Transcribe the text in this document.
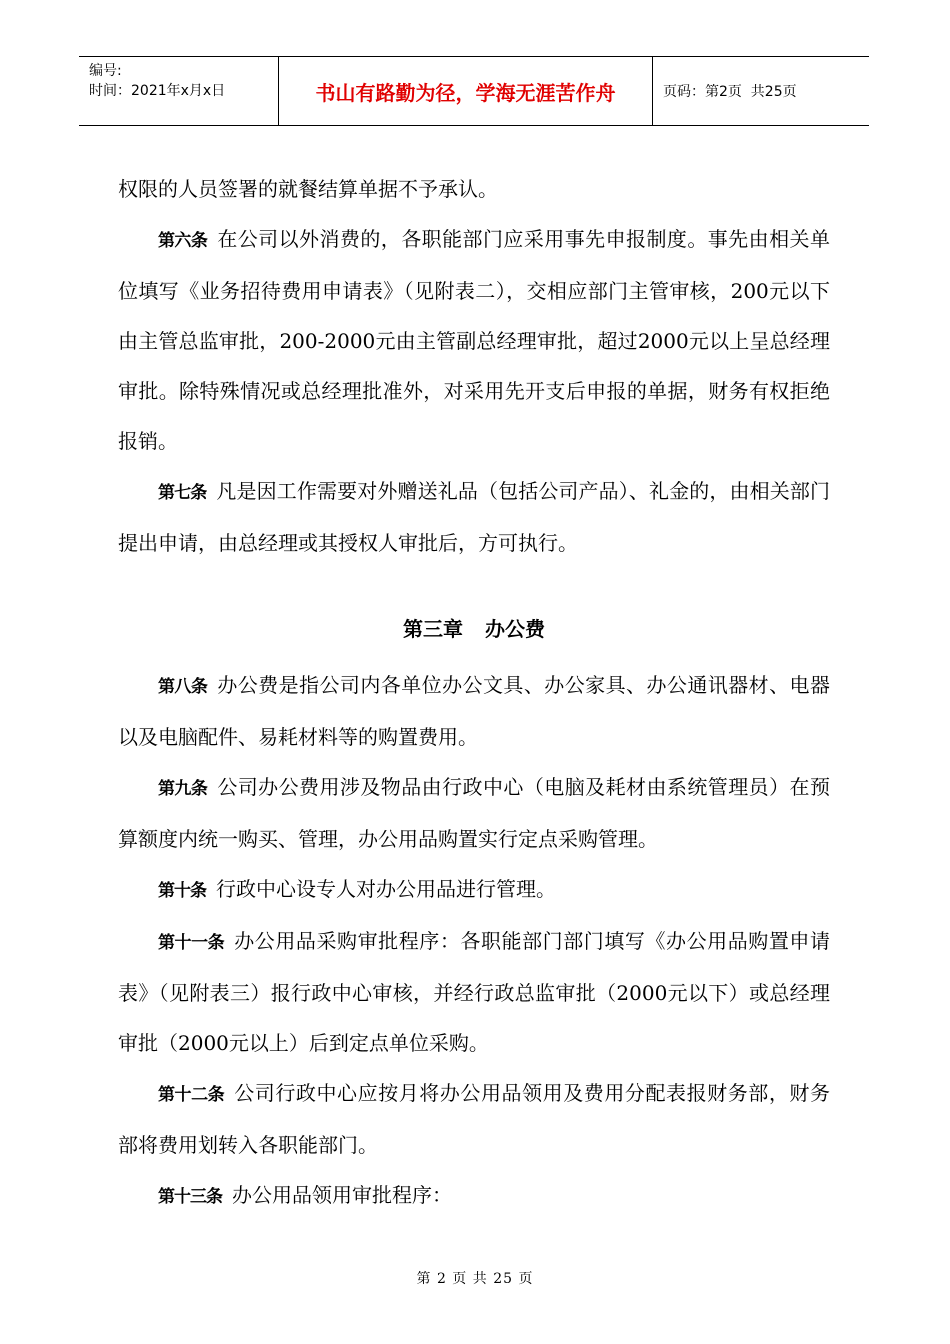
编号:
时间：2021年x月x日	书山有路勤为径，学海无涯苦作舟	页码：第2页  共25页

权限的人员签署的就餐结算单据不予承认。

第六条 在公司以外消费的，各职能部门应采用事先申报制度。事先由相关单位填写《业务招待费用申请表》（见附表二），交相应部门主管审核，200元以下由主管总监审批，200-2000元由主管副总经理审批，超过2000元以上呈总经理审批。除特殊情况或总经理批准外，对采用先开支后申报的单据，财务有权拒绝报销。

第七条 凡是因工作需要对外赠送礼品（包括公司产品）、礼金的，由相关部门提出申请，由总经理或其授权人审批后，方可执行。

第三章 办公费

第八条 办公费是指公司内各单位办公文具、办公家具、办公通讯器材、电器以及电脑配件、易耗材料等的购置费用。

第九条 公司办公费用涉及物品由行政中心（电脑及耗材由系统管理员）在预算额度内统一购买、管理，办公用品购置实行定点采购管理。

第十条 行政中心设专人对办公用品进行管理。

第十一条 办公用品采购审批程序：各职能部门部门填写《办公用品购置申请表》（见附表三）报行政中心审核，并经行政总监审批（2000元以下）或总经理审批（2000元以上）后到定点单位采购。

第十二条 公司行政中心应按月将办公用品领用及费用分配表报财务部，财务部将费用划转入各职能部门。

第十三条 办公用品领用审批程序：

第 2 页 共 25 页
